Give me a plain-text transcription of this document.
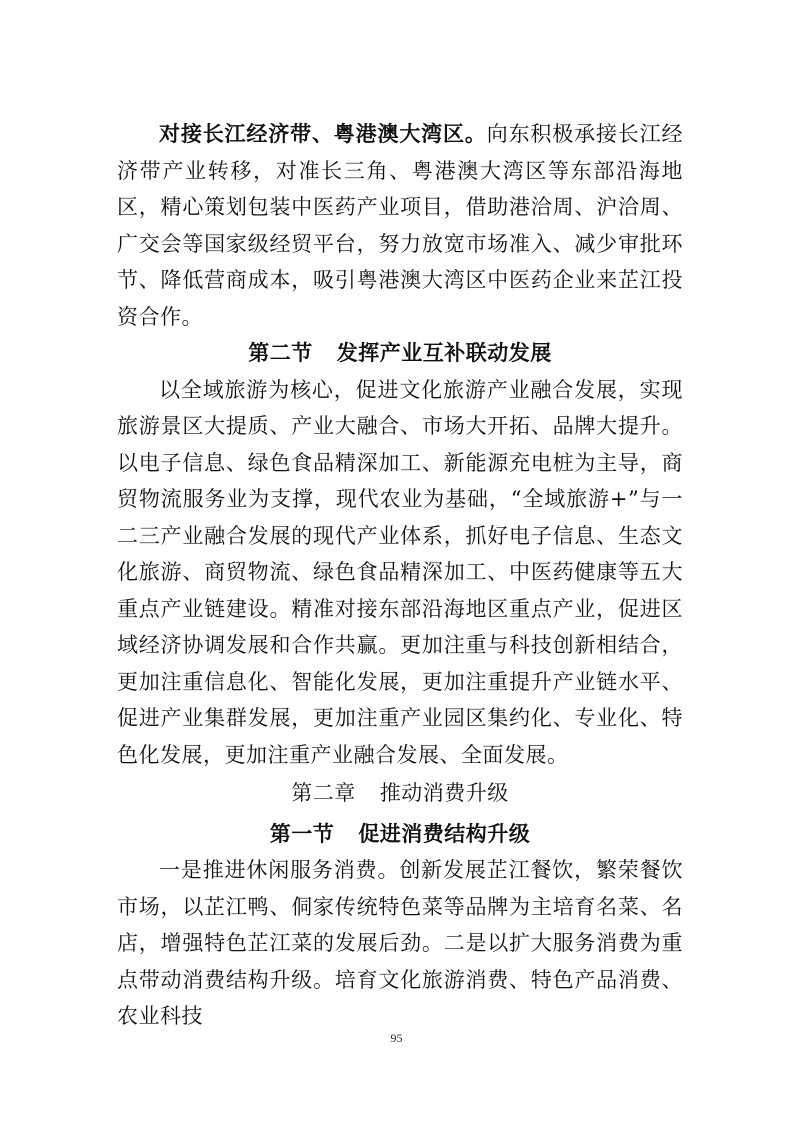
对接长江经济带、粤港澳大湾区。向东积极承接长江经济带产业转移，对准长三角、粤港澳大湾区等东部沿海地区，精心策划包装中医药产业项目，借助港洽周、沪洽周、广交会等国家级经贸平台，努力放宽市场准入、减少审批环节、降低营商成本，吸引粤港澳大湾区中医药企业来芷江投资合作。

第二节 发挥产业互补联动发展

以全域旅游为核心，促进文化旅游产业融合发展，实现旅游景区大提质、产业大融合、市场大开拓、品牌大提升。以电子信息、绿色食品精深加工、新能源充电桩为主导，商贸物流服务业为支撑，现代农业为基础，“全域旅游+”与一二三产业融合发展的现代产业体系，抓好电子信息、生态文化旅游、商贸物流、绿色食品精深加工、中医药健康等五大重点产业链建设。精准对接东部沿海地区重点产业，促进区域经济协调发展和合作共赢。更加注重与科技创新相结合，更加注重信息化、智能化发展，更加注重提升产业链水平、促进产业集群发展，更加注重产业园区集约化、专业化、特色化发展，更加注重产业融合发展、全面发展。

第二章 推动消费升级
第一节 促进消费结构升级

一是推进休闲服务消费。创新发展芷江餐饮，繁荣餐饮市场，以芷江鸭、侗家传统特色菜等品牌为主培育名菜、名店，增强特色芷江菜的发展后劲。二是以扩大服务消费为重点带动消费结构升级。培育文化旅游消费、特色产品消费、农业科技

95
